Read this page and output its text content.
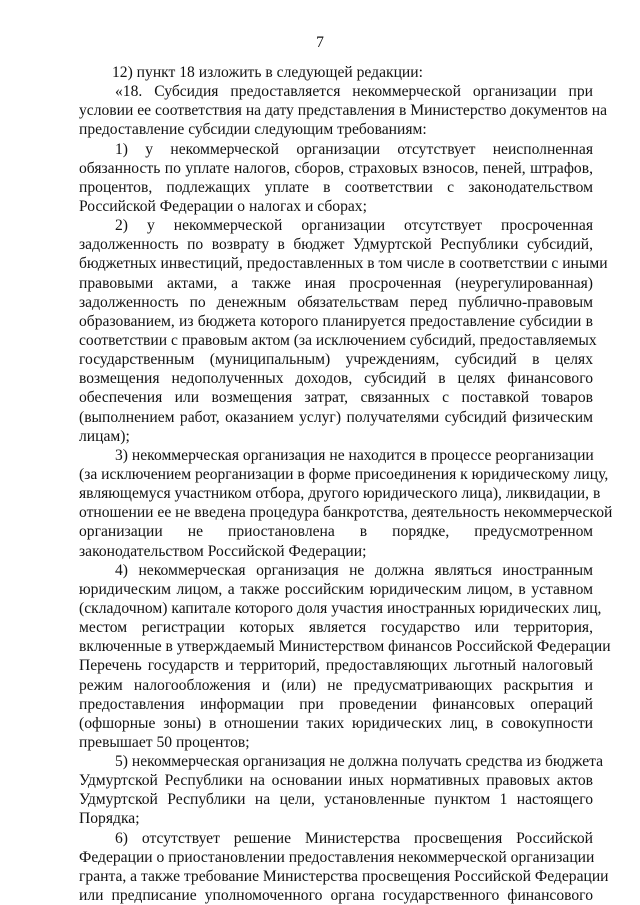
7
12) пункт 18 изложить в следующей редакции:
«18. Субсидия предоставляется некоммерческой организации при
условии ее соответствия на дату представления в Министерство документов на
предоставление субсидии следующим требованиям:
1) у некоммерческой организации отсутствует неисполненная
обязанность по уплате налогов, сборов, страховых взносов, пеней, штрафов,
процентов, подлежащих уплате в соответствии с законодательством
Российской Федерации о налогах и сборах;
2) у некоммерческой организации отсутствует просроченная
задолженность по возврату в бюджет Удмуртской Республики субсидий,
бюджетных инвестиций, предоставленных в том числе в соответствии с иными
правовыми актами, а также иная просроченная (неурегулированная)
задолженность по денежным обязательствам перед публично-правовым
образованием, из бюджета которого планируется предоставление субсидии в
соответствии с правовым актом (за исключением субсидий, предоставляемых
государственным (муниципальным) учреждениям, субсидий в целях
возмещения недополученных доходов, субсидий в целях финансового
обеспечения или возмещения затрат, связанных с поставкой товаров
(выполнением работ, оказанием услуг) получателями субсидий физическим
лицам);
3) некоммерческая организация не находится в процессе реорганизации
(за исключением реорганизации в форме присоединения к юридическому лицу,
являющемуся участником отбора, другого юридического лица), ликвидации, в
отношении ее не введена процедура банкротства, деятельность некоммерческой
организации не приостановлена в порядке, предусмотренном
законодательством Российской Федерации;
4) некоммерческая организация не должна являться иностранным
юридическим лицом, а также российским юридическим лицом, в уставном
(складочном) капитале которого доля участия иностранных юридических лиц,
местом регистрации которых является государство или территория,
включенные в утверждаемый Министерством финансов Российской Федерации
Перечень государств и территорий, предоставляющих льготный налоговый
режим налогообложения и (или) не предусматривающих раскрытия и
предоставления информации при проведении финансовых операций
(офшорные зоны) в отношении таких юридических лиц, в совокупности
превышает 50 процентов;
5) некоммерческая организация не должна получать средства из бюджета
Удмуртской Республики на основании иных нормативных правовых актов
Удмуртской Республики на цели, установленные пунктом 1 настоящего
Порядка;
6) отсутствует решение Министерства просвещения Российской
Федерации о приостановлении предоставления некоммерческой организации
гранта, а также требование Министерства просвещения Российской Федерации
или предписание уполномоченного органа государственного финансового
